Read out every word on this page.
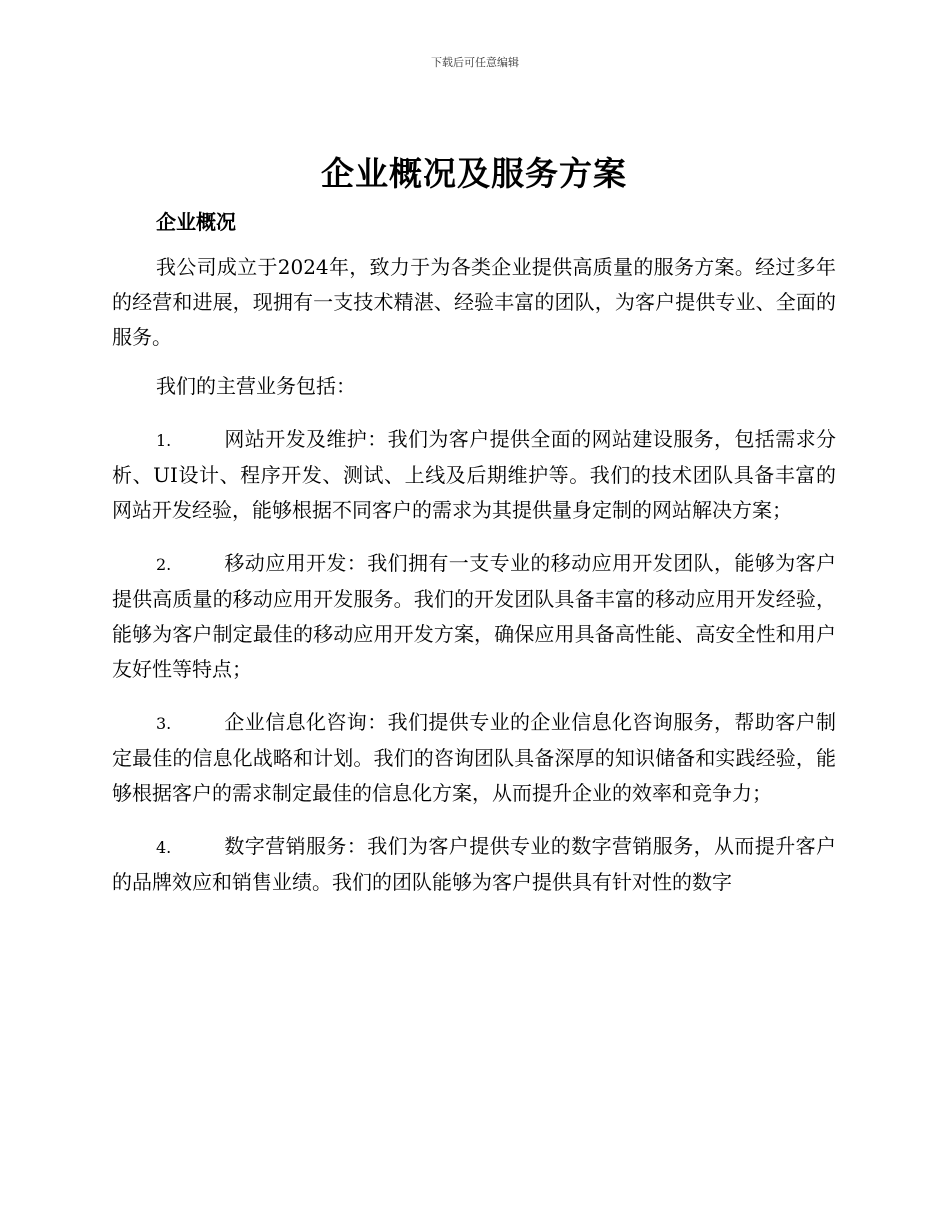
下载后可任意编辑
企业概况及服务方案
企业概况

我公司成立于2024年，致力于为各类企业提供高质量的服务方案。经过多年的经营和进展，现拥有一支技术精湛、经验丰富的团队，为客户提供专业、全面的服务。

我们的主营业务包括：

1.	网站开发及维护：我们为客户提供全面的网站建设服务，包括需求分析、UI设计、程序开发、测试、上线及后期维护等。我们的技术团队具备丰富的网站开发经验，能够根据不同客户的需求为其提供量身定制的网站解决方案；

2.	移动应用开发：我们拥有一支专业的移动应用开发团队，能够为客户提供高质量的移动应用开发服务。我们的开发团队具备丰富的移动应用开发经验，能够为客户制定最佳的移动应用开发方案，确保应用具备高性能、高安全性和用户友好性等特点；

3.	企业信息化咨询：我们提供专业的企业信息化咨询服务，帮助客户制定最佳的信息化战略和计划。我们的咨询团队具备深厚的知识储备和实践经验，能够根据客户的需求制定最佳的信息化方案，从而提升企业的效率和竞争力；

4.	数字营销服务：我们为客户提供专业的数字营销服务，从而提升客户的品牌效应和销售业绩。我们的团队能够为客户提供具有针对性的数字
